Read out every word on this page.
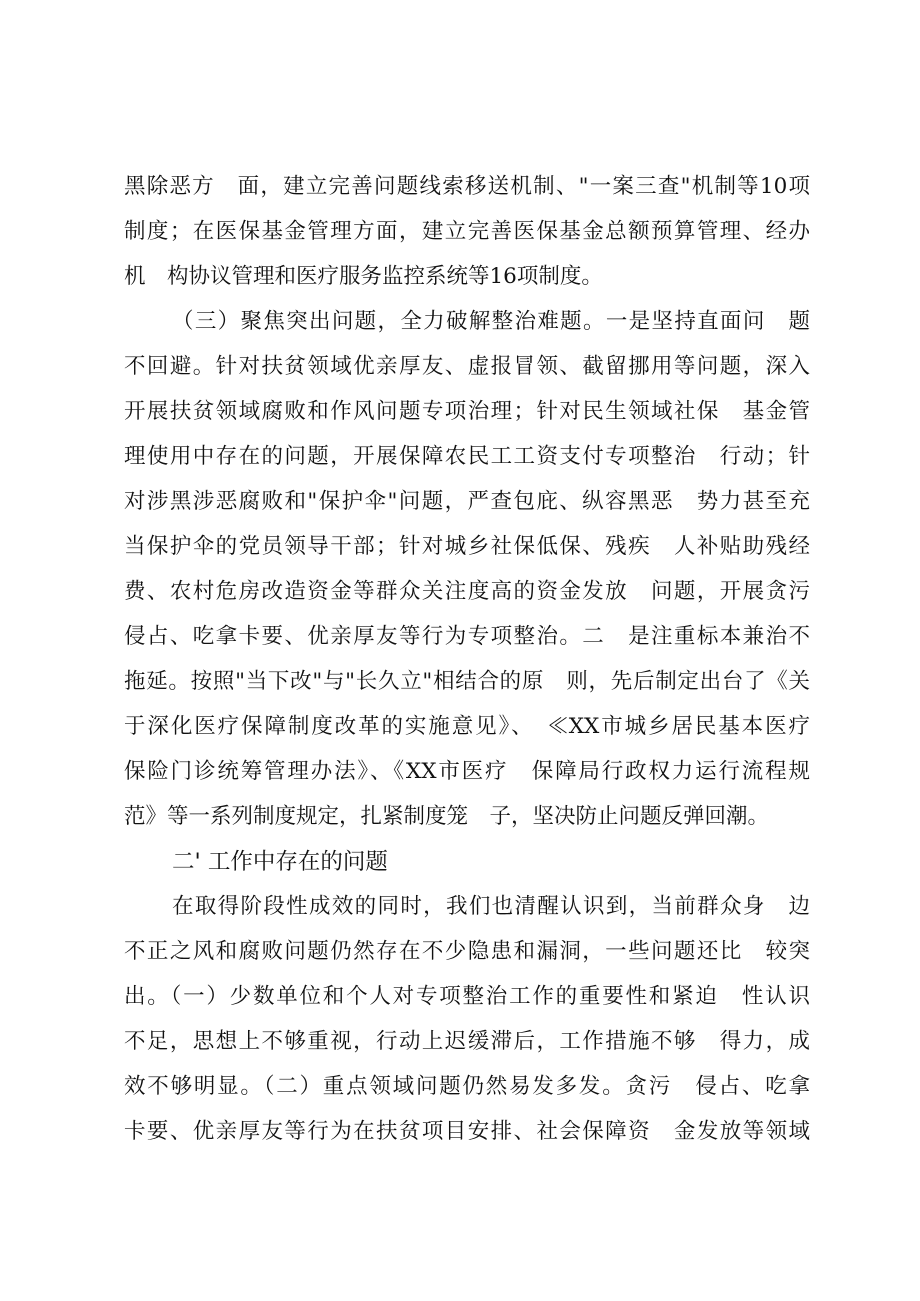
黑除恶方　面，建立完善问题线索移送机制、"一案三查"机制等10项
制度；在医保基金管理方面，建立完善医保基金总额预算管理、经办
机　构协议管理和医疗服务监控系统等16项制度。
（三）聚焦突出问题，全力破解整治难题。一是坚持直面问　题
不回避。针对扶贫领域优亲厚友、虚报冒领、截留挪用等问题，深入
开展扶贫领域腐败和作风问题专项治理；针对民生领域社保　基金管
理使用中存在的问题，开展保障农民工工资支付专项整治　行动；针
对涉黑涉恶腐败和"保护伞"问题，严查包庇、纵容黑恶　势力甚至充
当保护伞的党员领导干部；针对城乡社保低保、残疾　人补贴助残经
费、农村危房改造资金等群众关注度高的资金发放　问题，开展贪污
侵占、吃拿卡要、优亲厚友等行为专项整治。二　是注重标本兼治不
拖延。按照"当下改"与"长久立"相结合的原　则，先后制定出台了《关
于深化医疗保障制度改革的实施意见》、　≪XX市城乡居民基本医疗
保险门诊统筹管理办法》、《XX市医疗　保障局行政权力运行流程规
范》等一系列制度规定，扎紧制度笼　子，坚决防止问题反弹回潮。
二' 工作中存在的问题
在取得阶段性成效的同时，我们也清醒认识到，当前群众身　边
不正之风和腐败问题仍然存在不少隐患和漏洞，一些问题还比　较突
出。（一）少数单位和个人对专项整治工作的重要性和紧迫　性认识
不足，思想上不够重视，行动上迟缓滞后，工作措施不够　得力，成
效不够明显。（二）重点领域问题仍然易发多发。贪污　侵占、吃拿
卡要、优亲厚友等行为在扶贫项目安排、社会保障资　金发放等领域
